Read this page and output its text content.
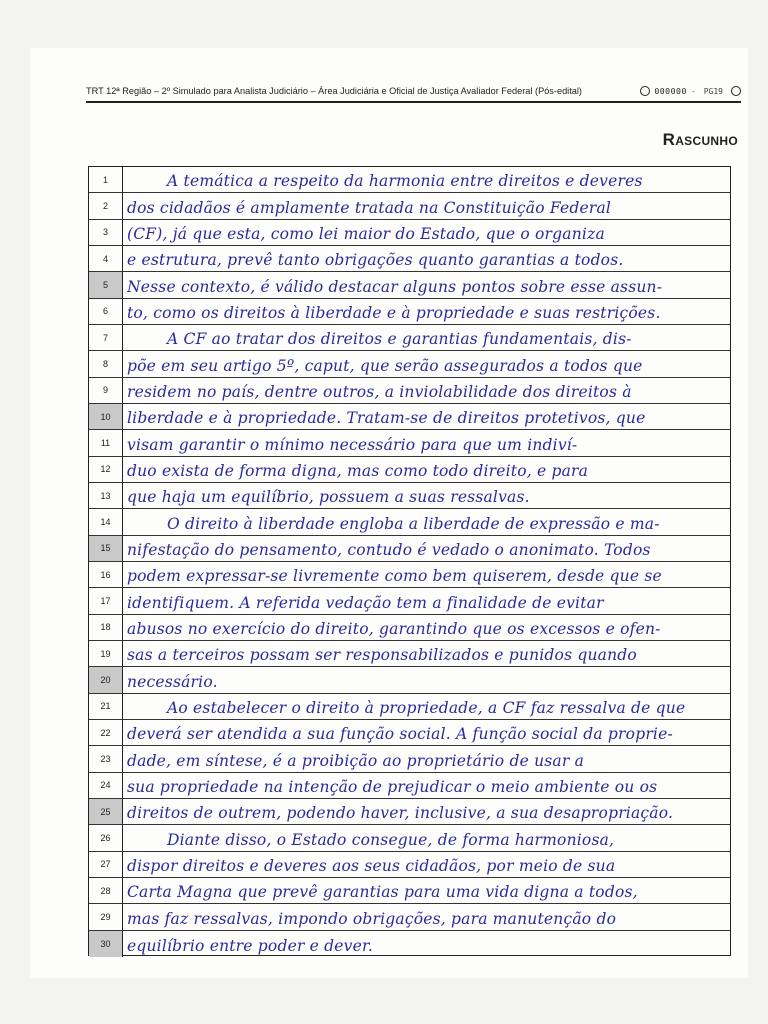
TRT 12ª Região – 2º Simulado para Analista Judiciário – Área Judiciária e Oficial de Justiça Avaliador Federal (Pós-edital)	000000 - PG19
Rascunho
1	A temática a respeito da harmonia entre direitos e deveres
2	dos cidadãos é amplamente tratada na Constituição Federal
3	(CF), já que esta, como lei maior do Estado, que o organiza
4	e estrutura, prevê tanto obrigações quanto garantias a todos.
5	Nesse contexto, é válido destacar alguns pontos sobre esse assun-
6	to, como os direitos à liberdade e à propriedade e suas restrições.
7	A CF ao tratar dos direitos e garantias fundamentais, dis-
8	põe em seu artigo 5º, caput, que serão assegurados a todos que
9	residem no país, dentre outros, a inviolabilidade dos direitos à
10	liberdade e à propriedade. Tratam-se de direitos protetivos, que
11	visam garantir o mínimo necessário para que um indiví-
12	duo exista de forma digna, mas como todo direito, e para
13	que haja um equilíbrio, possuem a suas ressalvas.
14	O direito à liberdade engloba a liberdade de expressão e ma-
15	nifestação do pensamento, contudo é vedado o anonimato. Todos
16	podem expressar-se livremente como bem quiserem, desde que se
17	identifiquem. A referida vedação tem a finalidade de evitar
18	abusos no exercício do direito, garantindo que os excessos e ofen-
19	sas a terceiros possam ser responsabilizados e punidos quando
20	necessário.
21	Ao estabelecer o direito à propriedade, a CF faz ressalva de que
22	deverá ser atendida a sua função social. A função social da proprie-
23	dade, em síntese, é a proibição ao proprietário de usar a
24	sua propriedade na intenção de prejudicar o meio ambiente ou os
25	direitos de outrem, podendo haver, inclusive, a sua desapropriação.
26	Diante disso, o Estado consegue, de forma harmoniosa,
27	dispor direitos e deveres aos seus cidadãos, por meio de sua
28	Carta Magna que prevê garantias para uma vida digna a todos,
29	mas faz ressalvas, impondo obrigações, para manutenção do
30	equilíbrio entre poder e dever.
